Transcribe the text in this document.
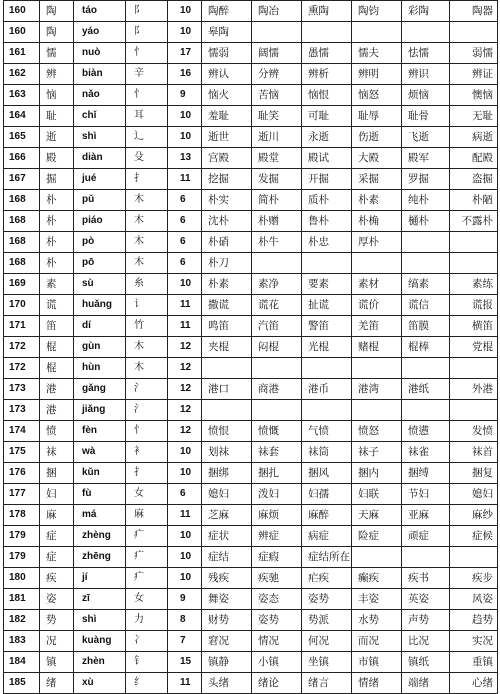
160	陶	táo	阝	10	陶醉	陶冶	熏陶	陶钧	彩陶	陶器
160	陶	yáo	阝	10	皋陶					
161	懦	nuò	忄	17	懦弱	阔懦	愚懦	懦夫	怯懦	弱懦
162	辨	biàn	辛	16	辨认	分辨	辨析	辨明	辨识	辨证
163	恼	nǎo	忄	9	恼火	苦恼	恼恨	恼怒	烦恼	懊恼
164	耻	chǐ	耳	10	羞耻	耻笑	可耻	耻辱	耻骨	无耻
165	逝	shì	辶	10	逝世	逝川	永逝	伤逝	飞逝	病逝
166	殿	diàn	殳	13	宫殿	殿堂	殿试	大殿	殿军	配殿
167	掘	jué	扌	11	挖掘	发掘	开掘	采掘	罗掘	盗掘
168	朴	pǔ	木	6	朴实	简朴	质朴	朴素	纯朴	朴陋
168	朴	piáo	木	6	沈朴	朴赠	鲁朴	朴桷	樋朴	不露朴
168	朴	pò	木	6	朴硝	朴牛	朴忠	厚朴		
168	朴	pō	木	6	朴刀					
169	素	sù	糸	10	朴素	素净	要素	素材	缟素	素练
170	谎	huǎng	讠	11	撒谎	谎花	扯谎	谎价	谎信	谎报
171	笛	dí	竹	11	鸣笛	汽笛	警笛	羌笛	笛膜	横笛
172	棍	gùn	木	12	夹棍	闷棍	光棍	赌棍	棍棒	党棍
172	棍	hùn	木	12						
173	港	gǎng	氵	12	港口	商港	港币	港湾	港纸	外港
173	港	jiǎng	氵	12						
174	愤	fèn	忄	12	愤恨	愤慨	气愤	愤怒	愤懑	发愤
175	袜	wà	衤	10	划袜	袜套	袜筒	袜子	袜雀	袜首
176	捆	kǔn	扌	10	捆绑	捆扎	捆风	捆内	捆缚	捆复
177	妇	fù	女	6	媳妇	泼妇	妇孺	妇联	节妇	媳妇
178	麻	má	麻	11	芝麻	麻烦	麻醉	天麻	亚麻	麻纱
179	症	zhèng	疒	10	症状	辨症	病症	险症	顽症	症候
179	症	zhēng	疒	10	症结	症瘕	症结所在			
180	疾	jí	疒	10	残疾	疾驰	疟疾	癫疾	疾书	疾步
181	姿	zī	女	9	舞姿	姿态	姿势	丰姿	英姿	风姿
182	势	shì	力	8	财势	姿势	势派	水势	声势	趋势
183	况	kuàng	冫	7	窘况	情况	何况	而况	比况	实况
184	镇	zhèn	钅	15	镇静	小镇	坐镇	市镇	镇纸	重镇
185	绪	xù	纟	11	头绪	绪论	绪言	情绪	端绪	心绪
